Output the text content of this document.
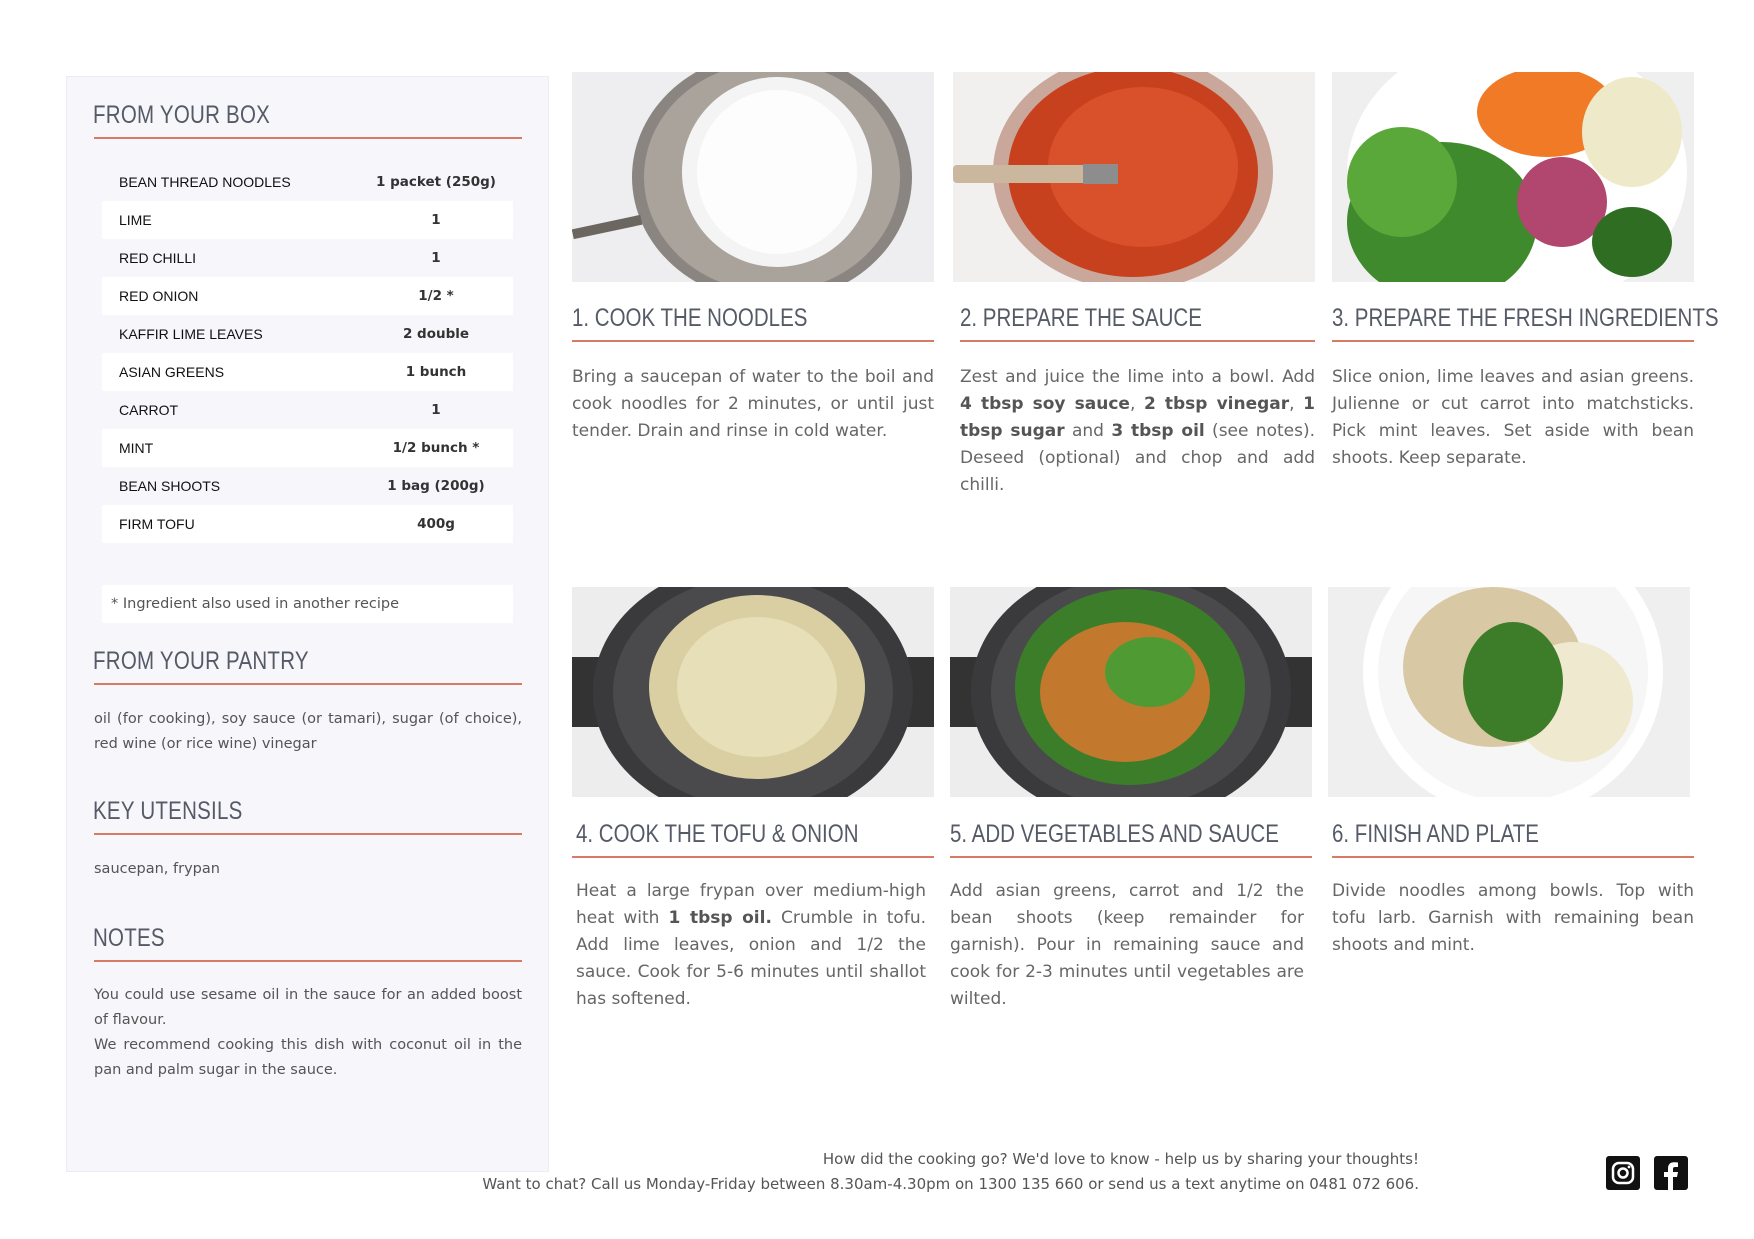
FROM YOUR BOX
BEAN THREAD NOODLES	1 packet (250g)
LIME	1
RED CHILLI	1
RED ONION	1/2 *
KAFFIR LIME LEAVES	2 double
ASIAN GREENS	1 bunch
CARROT	1
MINT	1/2 bunch *
BEAN SHOOTS	1 bag (200g)
FIRM TOFU	400g
* Ingredient also used in another recipe
FROM YOUR PANTRY
oil (for cooking), soy sauce (or tamari), sugar (of choice), red wine (or rice wine) vinegar
KEY UTENSILS
saucepan, frypan
NOTES
You could use sesame oil in the sauce for an added boost of flavour.
We recommend cooking this dish with coconut oil in the pan and palm sugar in the sauce.
1. COOK THE NOODLES
Bring a saucepan of water to the boil and cook noodles for 2 minutes, or until just tender. Drain and rinse in cold water.
2. PREPARE THE SAUCE
Zest and juice the lime into a bowl. Add 4 tbsp soy sauce, 2 tbsp vinegar, 1 tbsp sugar and 3 tbsp oil (see notes). Deseed (optional) and chop and add chilli.
3. PREPARE THE FRESH INGREDIENTS
Slice onion, lime leaves and asian greens. Julienne or cut carrot into matchsticks. Pick mint leaves. Set aside with bean shoots. Keep separate.
4. COOK THE TOFU & ONION
Heat a large frypan over medium-high heat with 1 tbsp oil. Crumble in tofu. Add lime leaves, onion and 1/2 the sauce. Cook for 5-6 minutes until shallot has softened.
5. ADD VEGETABLES AND SAUCE
Add asian greens, carrot and 1/2 the bean shoots (keep remainder for garnish). Pour in remaining sauce and cook for 2-3 minutes until vegetables are wilted.
6. FINISH AND PLATE
Divide noodles among bowls. Top with tofu larb. Garnish with remaining bean shoots and mint.
How did the cooking go? We'd love to know - help us by sharing your thoughts!
Want to chat? Call us Monday-Friday between 8.30am-4.30pm on 1300 135 660 or send us a text anytime on 0481 072 606.
